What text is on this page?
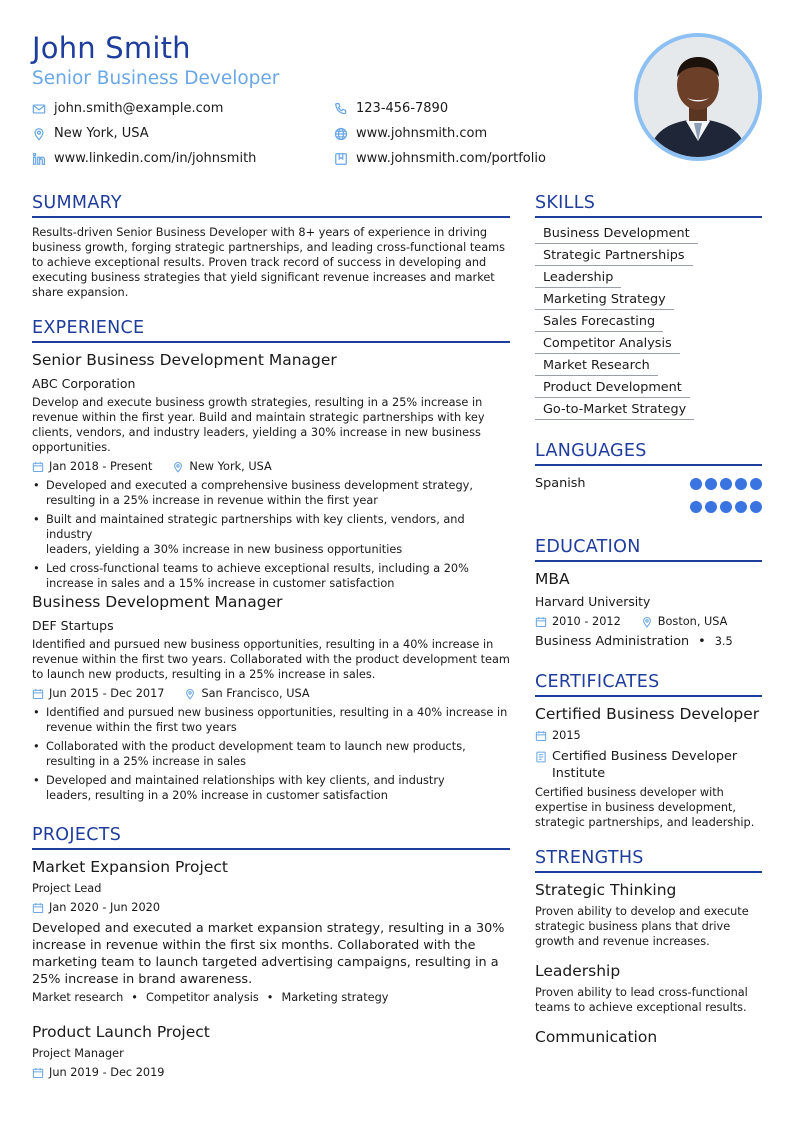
John Smith
Senior Business Developer
john.smith@example.com	123-456-7890
New York, USA	www.johnsmith.com
www.linkedin.com/in/johnsmith	www.johnsmith.com/portfolio
SUMMARY
Results-driven Senior Business Developer with 8+ years of experience in driving
business growth, forging strategic partnerships, and leading cross-functional teams
to achieve exceptional results. Proven track record of success in developing and
executing business strategies that yield significant revenue increases and market
share expansion.
EXPERIENCE
Senior Business Development Manager
ABC Corporation
Develop and execute business growth strategies, resulting in a 25% increase in
revenue within the first year. Build and maintain strategic partnerships with key
clients, vendors, and industry leaders, yielding a 30% increase in new business
opportunities.
Jan 2018 - Present	New York, USA
• Developed and executed a comprehensive business development strategy,
resulting in a 25% increase in revenue within the first year
• Built and maintained strategic partnerships with key clients, vendors, and industry
leaders, yielding a 30% increase in new business opportunities
• Led cross-functional teams to achieve exceptional results, including a 20%
increase in sales and a 15% increase in customer satisfaction
Business Development Manager
DEF Startups
Identified and pursued new business opportunities, resulting in a 40% increase in
revenue within the first two years. Collaborated with the product development team
to launch new products, resulting in a 25% increase in sales.
Jun 2015 - Dec 2017	San Francisco, USA
• Identified and pursued new business opportunities, resulting in a 40% increase in
revenue within the first two years
• Collaborated with the product development team to launch new products,
resulting in a 25% increase in sales
• Developed and maintained relationships with key clients, and industry
leaders, resulting in a 20% increase in customer satisfaction
PROJECTS
Market Expansion Project
Project Lead
Jan 2020 - Jun 2020
Developed and executed a market expansion strategy, resulting in a 30%
increase in revenue within the first six months. Collaborated with the
marketing team to launch targeted advertising campaigns, resulting in a
25% increase in brand awareness.
Market research • Competitor analysis • Marketing strategy
Product Launch Project
Project Manager
Jun 2019 - Dec 2019
SKILLS
Business Development
Strategic Partnerships
Leadership
Marketing Strategy
Sales Forecasting
Competitor Analysis
Market Research
Product Development
Go-to-Market Strategy
LANGUAGES
Spanish
EDUCATION
MBA
Harvard University
2010 - 2012	Boston, USA
Business Administration • 3.5
CERTIFICATES
Certified Business Developer
2015
Certified Business Developer
Institute
Certified business developer with
expertise in business development,
strategic partnerships, and leadership.
STRENGTHS
Strategic Thinking
Proven ability to develop and execute
strategic business plans that drive
growth and revenue increases.
Leadership
Proven ability to lead cross-functional
teams to achieve exceptional results.
Communication
